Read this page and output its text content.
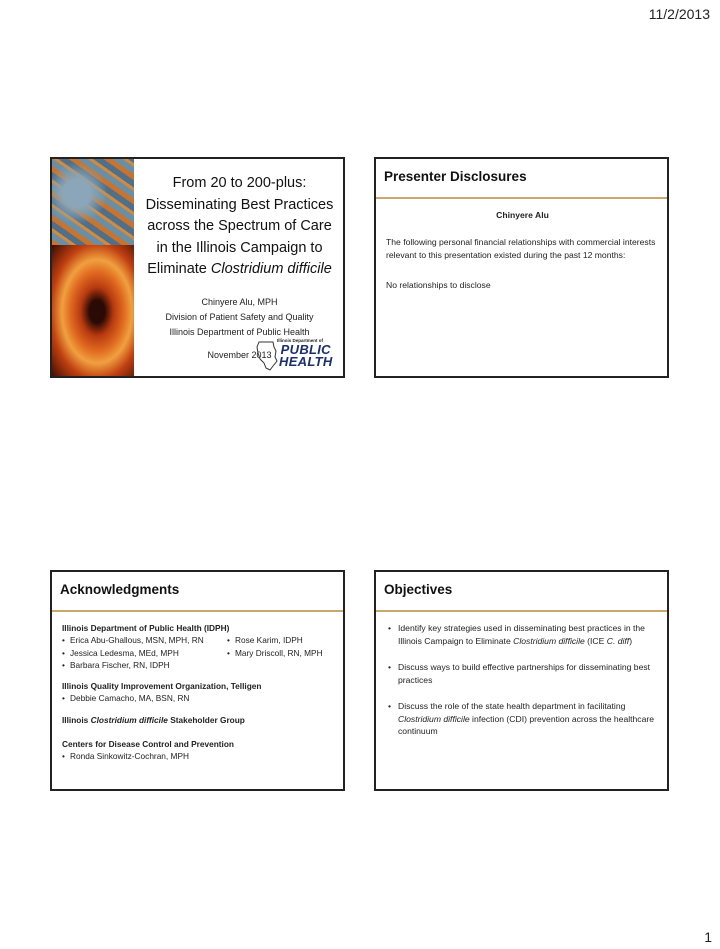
11/2/2013
From 20 to 200-plus:
Disseminating Best Practices
across the Spectrum of Care
in the Illinois Campaign to
Eliminate Clostridium difficile
Chinyere Alu, MPH
Division of Patient Safety and Quality
Illinois Department of Public Health
November 2013
Illinois Department of
PUBLIC
HEALTH
Presenter Disclosures
Chinyere Alu
The following personal financial relationships with commercial interests relevant to this presentation existed during the past 12 months:
No relationships to disclose
Acknowledgments
Illinois Department of Public Health (IDPH)
• Erica Abu-Ghallous, MSN, MPH, RN
• Jessica Ledesma, MEd, MPH
• Barbara Fischer, RN, IDPH
• Rose Karim, IDPH
• Mary Driscoll, RN, MPH
Illinois Quality Improvement Organization, Telligen
• Debbie Camacho, MA, BSN, RN
Illinois Clostridium difficile Stakeholder Group
Centers for Disease Control and Prevention
• Ronda Sinkowitz-Cochran, MPH
Objectives
• Identify key strategies used in disseminating best practices in the Illinois Campaign to Eliminate Clostridium difficile (ICE C. diff)
• Discuss ways to build effective partnerships for disseminating best practices
• Discuss the role of the state health department in facilitating Clostridium difficile infection (CDI) prevention across the healthcare continuum
1
